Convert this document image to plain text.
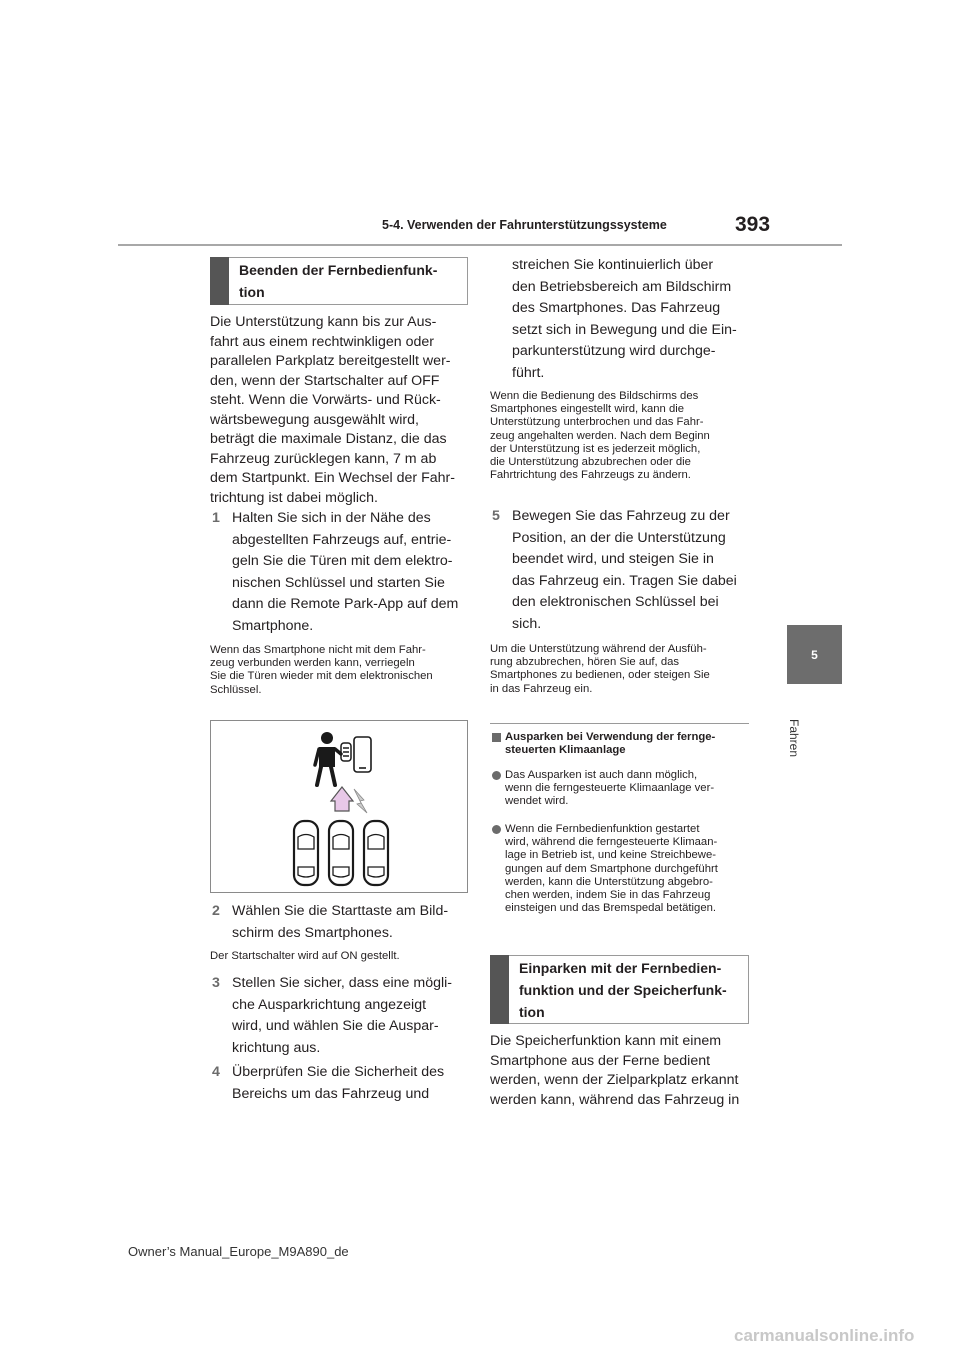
5-4. Verwenden der Fahrunterstützungssysteme	393
5
Fahren
Beenden der Fernbedienfunk-
tion
Die Unterstützung kann bis zur Aus-
fahrt aus einem rechtwinkligen oder
parallelen Parkplatz bereitgestellt wer-
den, wenn der Startschalter auf OFF
steht. Wenn die Vorwärts- und Rück-
wärtsbewegung ausgewählt wird,
beträgt die maximale Distanz, die das
Fahrzeug zurücklegen kann, 7 m ab
dem Startpunkt. Ein Wechsel der Fahr-
trichtung ist dabei möglich.
1 Halten Sie sich in der Nähe des
abgestellten Fahrzeugs auf, entrie-
geln Sie die Türen mit dem elektro-
nischen Schlüssel und starten Sie
dann die Remote Park-App auf dem
Smartphone.
Wenn das Smartphone nicht mit dem Fahr-
zeug verbunden werden kann, verriegeln
Sie die Türen wieder mit dem elektronischen
Schlüssel.
2 Wählen Sie die Starttaste am Bild-
schirm des Smartphones.
Der Startschalter wird auf ON gestellt.
3 Stellen Sie sicher, dass eine mögli-
che Ausparkrichtung angezeigt
wird, und wählen Sie die Auspar-
krichtung aus.
4 Überprüfen Sie die Sicherheit des
Bereichs um das Fahrzeug und
streichen Sie kontinuierlich über
den Betriebsbereich am Bildschirm
des Smartphones. Das Fahrzeug
setzt sich in Bewegung und die Ein-
parkunterstützung wird durchge-
führt.
Wenn die Bedienung des Bildschirms des
Smartphones eingestellt wird, kann die
Unterstützung unterbrochen und das Fahr-
zeug angehalten werden. Nach dem Beginn
der Unterstützung ist es jederzeit möglich,
die Unterstützung abzubrechen oder die
Fahrtrichtung des Fahrzeugs zu ändern.
5 Bewegen Sie das Fahrzeug zu der
Position, an der die Unterstützung
beendet wird, und steigen Sie in
das Fahrzeug ein. Tragen Sie dabei
den elektronischen Schlüssel bei
sich.
Um die Unterstützung während der Ausfüh-
rung abzubrechen, hören Sie auf, das
Smartphones zu bedienen, oder steigen Sie
in das Fahrzeug ein.
Ausparken bei Verwendung der fernge-
steuerten Klimaanlage
Das Ausparken ist auch dann möglich,
wenn die ferngesteuerte Klimaanlage ver-
wendet wird.
Wenn die Fernbedienfunktion gestartet
wird, während die ferngesteuerte Klimaan-
lage in Betrieb ist, und keine Streichbewe-
gungen auf dem Smartphone durchgeführt
werden, kann die Unterstützung abgebro-
chen werden, indem Sie in das Fahrzeug
einsteigen und das Bremspedal betätigen.
Einparken mit der Fernbedien-
funktion und der Speicherfunk-
tion
Die Speicherfunktion kann mit einem
Smartphone aus der Ferne bedient
werden, wenn der Zielparkplatz erkannt
werden kann, während das Fahrzeug in
Owner’s Manual_Europe_M9A890_de
carmanualsonline.info
